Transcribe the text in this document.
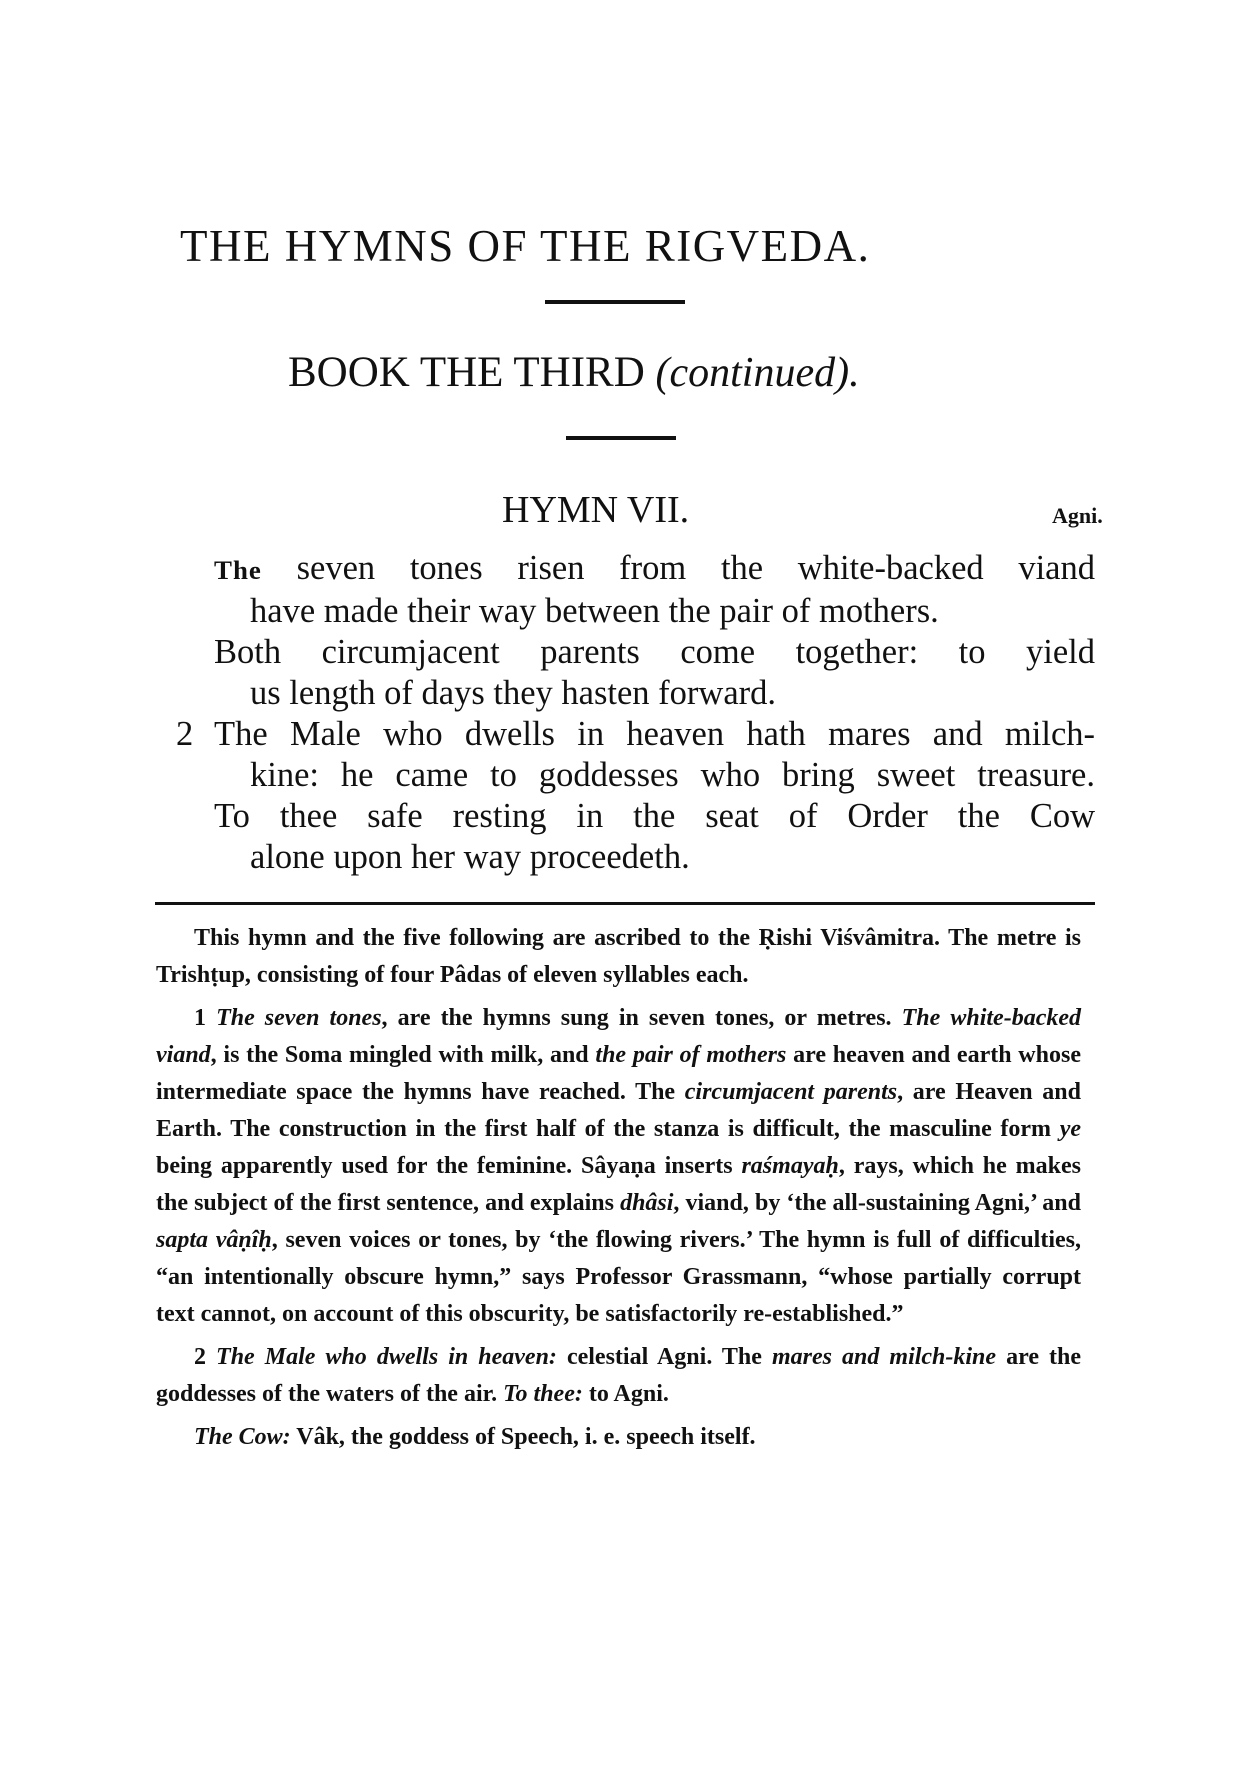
THE HYMNS OF THE RIGVEDA.
BOOK THE THIRD (continued).
HYMN VII.	Agni.
The seven tones risen from the white-backed viand
have made their way between the pair of mothers.
Both circumjacent parents come together: to yield
us length of days they hasten forward.
2 The Male who dwells in heaven hath mares and milch-
kine: he came to goddesses who bring sweet treasure.
To thee safe resting in the seat of Order the Cow
alone upon her way proceedeth.

This hymn and the five following are ascribed to the Ṛishi Viśvâmitra. The metre is Trishṭup, consisting of four Pâdas of eleven syllables each.

1 The seven tones, are the hymns sung in seven tones, or metres. The white-backed viand, is the Soma mingled with milk, and the pair of mothers are heaven and earth whose intermediate space the hymns have reached. The circumjacent parents, are Heaven and Earth. The construction in the first half of the stanza is difficult, the masculine form ye being apparently used for the feminine. Sâyaṇa inserts raśmayaḥ, rays, which he makes the subject of the first sentence, and explains dhâsi, viand, by ‘the all-sustaining Agni,’ and sapta vâṇîḥ, seven voices or tones, by ‘the flowing rivers.’ The hymn is full of difficulties, “an intentionally obscure hymn,” says Professor Grassmann, “whose partially corrupt text cannot, on account of this obscurity, be satisfactorily re-established.”

2 The Male who dwells in heaven: celestial Agni. The mares and milch-kine are the goddesses of the waters of the air. To thee: to Agni.

The Cow: Vâk, the goddess of Speech, i. e. speech itself.
